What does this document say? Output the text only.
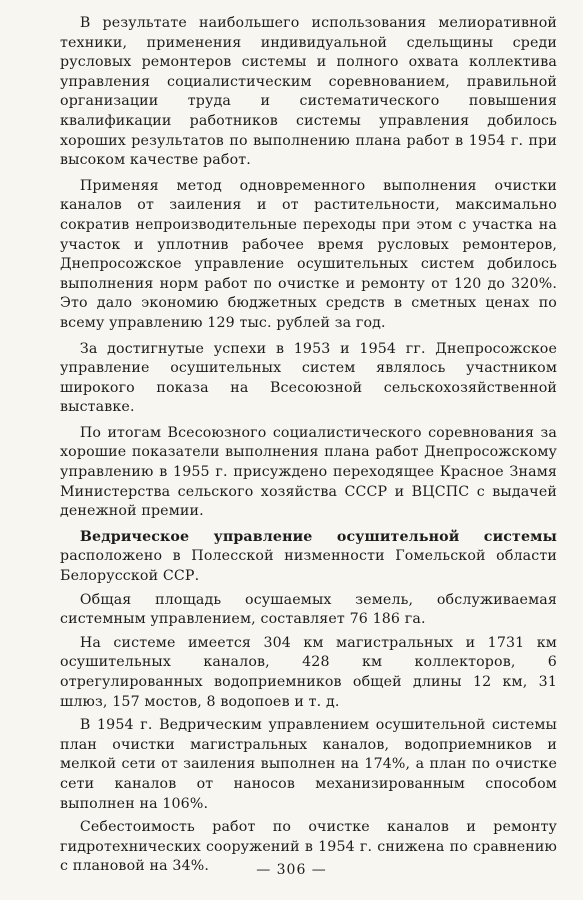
В результате наибольшего использования мелиоративной техники, применения индивидуальной сдельщины среди русловых ремонтеров системы и полного охвата коллектива управления социалистическим соревнованием, правильной организации труда и систематического повышения квалификации работников системы управления добилось хороших результатов по выполнению плана работ в 1954 г. при высоком качестве работ.

Применяя метод одновременного выполнения очистки каналов от заиления и от растительности, максимально сократив непроизводительные переходы при этом с участка на участок и уплотнив рабочее время русловых ремонтеров, Днепросожское управление осушительных систем добилось выполнения норм работ по очистке и ремонту от 120 до 320%. Это дало экономию бюджетных средств в сметных ценах по всему управлению 129 тыс. рублей за год.

За достигнутые успехи в 1953 и 1954 гг. Днепросожское управление осушительных систем являлось участником широкого показа на Всесоюзной сельскохозяйственной выставке.

По итогам Всесоюзного социалистического соревнования за хорошие показатели выполнения плана работ Днепросожскому управлению в 1955 г. присуждено переходящее Красное Знамя Министерства сельского хозяйства СССР и ВЦСПС с выдачей денежной премии.

Ведрическое управление осушительной системы расположено в Полесской низменности Гомельской области Белорусской ССР.

Общая площадь осушаемых земель, обслуживаемая системным управлением, составляет 76 186 га.

На системе имеется 304 км магистральных и 1731 км осушительных каналов, 428 км коллекторов, 6 отрегулированных водоприемников общей длины 12 км, 31 шлюз, 157 мостов, 8 водопоев и т. д.

В 1954 г. Ведрическим управлением осушительной системы план очистки магистральных каналов, водоприемников и мелкой сети от заиления выполнен на 174%, а план по очистке сети каналов от наносов механизированным способом выполнен на 106%.

Себестоимость работ по очистке каналов и ремонту гидротехнических сооружений в 1954 г. снижена по сравнению с плановой на 34%.	— 306 —
